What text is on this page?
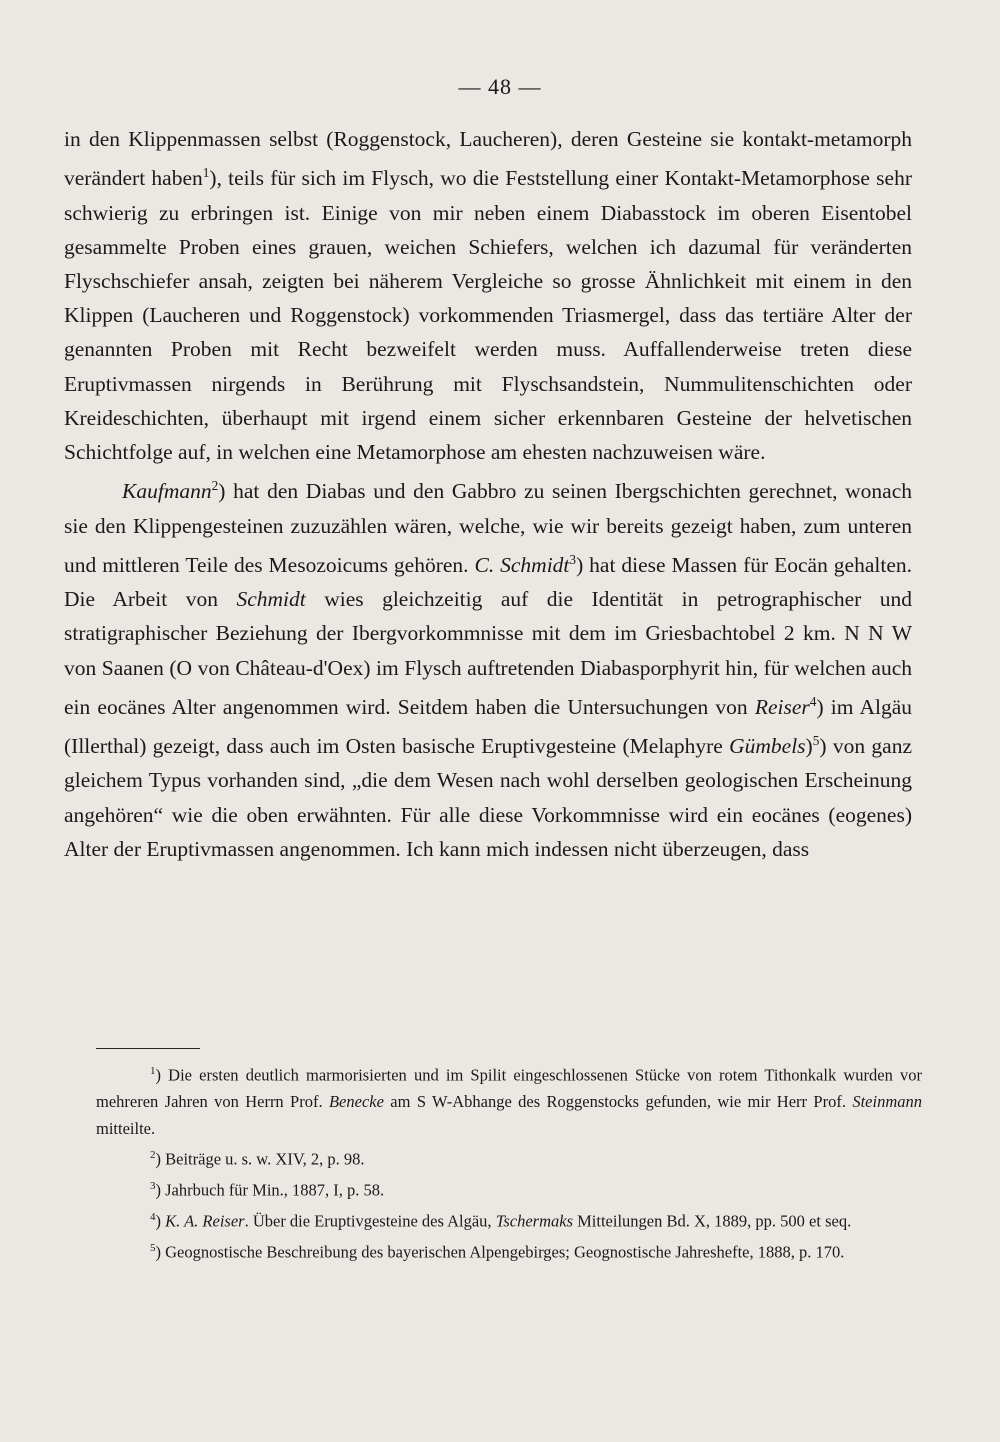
— 48 —

in den Klippenmassen selbst (Roggenstock, Laucheren), deren Gesteine sie kontakt-metamorph verändert haben$^1$), teils für sich im Flysch, wo die Feststellung einer Kontakt-Metamorphose sehr schwierig zu erbringen ist. Einige von mir neben einem Diabasstock im oberen Eisentobel gesammelte Proben eines grauen, weichen Schiefers, welchen ich dazumal für veränderten Flyschschiefer ansah, zeigten bei näherem Vergleiche so grosse Ähnlichkeit mit einem in den Klippen (Laucheren und Roggenstock) vorkommenden Triasmergel, dass das tertiäre Alter der genannten Proben mit Recht bezweifelt werden muss. Auffallenderweise treten diese Eruptivmassen nirgends in Berührung mit Flyschsandstein, Nummulitenschichten oder Kreideschichten, überhaupt mit irgend einem sicher erkennbaren Gesteine der helvetischen Schichtfolge auf, in welchen eine Metamorphose am ehesten nachzuweisen wäre.

Kaufmann$^2$) hat den Diabas und den Gabbro zu seinen Ibergschichten gerechnet, wonach sie den Klippengesteinen zuzuzählen wären, welche, wie wir bereits gezeigt haben, zum unteren und mittleren Teile des Mesozoicums gehören. C. Schmidt$^3$) hat diese Massen für Eocän gehalten. Die Arbeit von Schmidt wies gleichzeitig auf die Identität in petrographischer und stratigraphischer Beziehung der Ibergvorkommnisse mit dem im Griesbachtobel 2 km. N N W von Saanen (O von Château-d'Oex) im Flysch auftretenden Diabasporphyrit hin, für welchen auch ein eocänes Alter angenommen wird. Seitdem haben die Untersuchungen von Reiser$^4$) im Algäu (Illerthal) gezeigt, dass auch im Osten basische Eruptivgesteine (Melaphyre Gümbels)$^5$) von ganz gleichem Typus vorhanden sind, „die dem Wesen nach wohl derselben geologischen Erscheinung angehören“ wie die oben erwähnten. Für alle diese Vorkommnisse wird ein eocänes (eogenes) Alter der Eruptivmassen angenommen. Ich kann mich indessen nicht überzeugen, dass

$^1$) Die ersten deutlich marmorisierten und im Spilit eingeschlossenen Stücke von rotem Tithonkalk wurden vor mehreren Jahren von Herrn Prof. Benecke am S W-Abhange des Roggenstocks gefunden, wie mir Herr Prof. Steinmann mitteilte.

$^2$) Beiträge u. s. w. XIV, 2, p. 98.

$^3$) Jahrbuch für Min., 1887, I, p. 58.

$^4$) K. A. Reiser. Über die Eruptivgesteine des Algäu, Tschermaks Mitteilungen Bd. X, 1889, pp. 500 et seq.

$^5$) Geognostische Beschreibung des bayerischen Alpengebirges; Geognostische Jahreshefte, 1888, p. 170.
